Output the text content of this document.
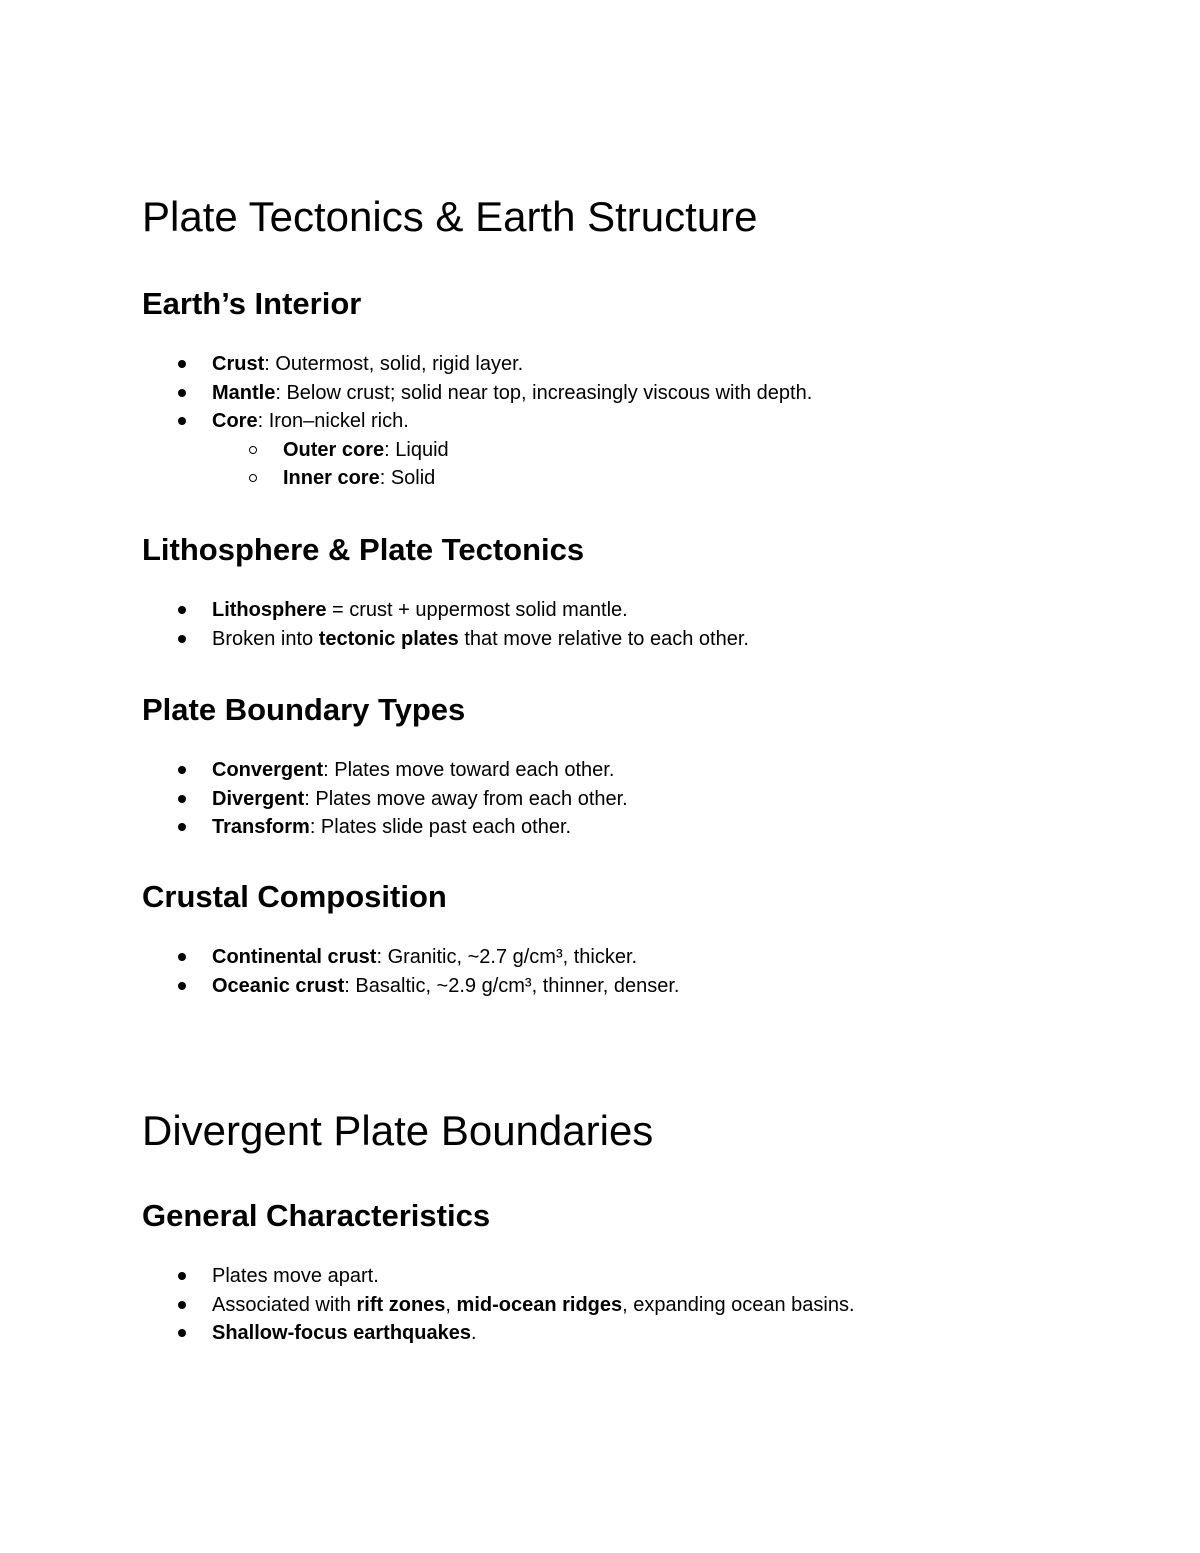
Plate Tectonics & Earth Structure
Earth’s Interior
Crust: Outermost, solid, rigid layer.
Mantle: Below crust; solid near top, increasingly viscous with depth.
Core: Iron–nickel rich.
Outer core: Liquid
Inner core: Solid
Lithosphere & Plate Tectonics
Lithosphere = crust + uppermost solid mantle.
Broken into tectonic plates that move relative to each other.
Plate Boundary Types
Convergent: Plates move toward each other.
Divergent: Plates move away from each other.
Transform: Plates slide past each other.
Crustal Composition
Continental crust: Granitic, ~2.7 g/cm³, thicker.
Oceanic crust: Basaltic, ~2.9 g/cm³, thinner, denser.
Divergent Plate Boundaries
General Characteristics
Plates move apart.
Associated with rift zones, mid-ocean ridges, expanding ocean basins.
Shallow-focus earthquakes.
